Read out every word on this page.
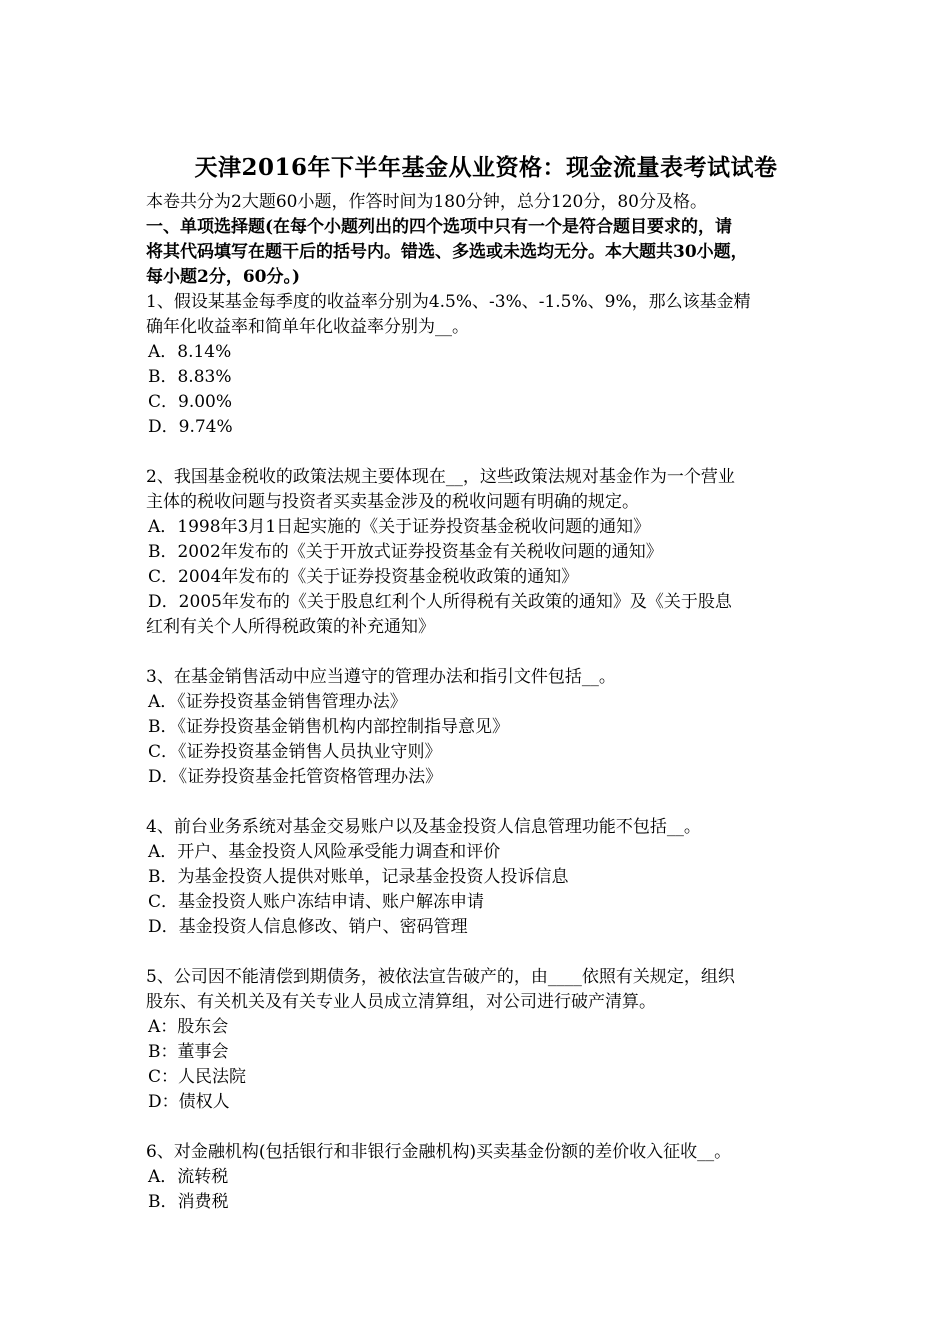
天津2016年下半年基金从业资格：现金流量表考试试卷
本卷共分为2大题60小题，作答时间为180分钟，总分120分，80分及格。
一、单项选择题(在每个小题列出的四个选项中只有一个是符合题目要求的，请
将其代码填写在题干后的括号内。错选、多选或未选均无分。本大题共30小题，
每小题2分，60分。)
1、假设某基金每季度的收益率分别为4.5%、-3%、-1.5%、9%，那么该基金精
确年化收益率和简单年化收益率分别为__。
A．8.14%
B．8.83%
C．9.00%
D．9.74%
2、我国基金税收的政策法规主要体现在__，这些政策法规对基金作为一个营业
主体的税收问题与投资者买卖基金涉及的税收问题有明确的规定。
A．1998年3月1日起实施的《关于证券投资基金税收问题的通知》
B．2002年发布的《关于开放式证券投资基金有关税收问题的通知》
C．2004年发布的《关于证券投资基金税收政策的通知》
D．2005年发布的《关于股息红利个人所得税有关政策的通知》及《关于股息
红利有关个人所得税政策的补充通知》
3、在基金销售活动中应当遵守的管理办法和指引文件包括__。
A．《证券投资基金销售管理办法》
B．《证券投资基金销售机构内部控制指导意见》
C．《证券投资基金销售人员执业守则》
D．《证券投资基金托管资格管理办法》
4、前台业务系统对基金交易账户以及基金投资人信息管理功能不包括__。
A．开户、基金投资人风险承受能力调查和评价
B．为基金投资人提供对账单，记录基金投资人投诉信息
C．基金投资人账户冻结申请、账户解冻申请
D．基金投资人信息修改、销户、密码管理
5、公司因不能清偿到期债务，被依法宣告破产的，由____依照有关规定，组织
股东、有关机关及有关专业人员成立清算组，对公司进行破产清算。
A：股东会
B：董事会
C：人民法院
D：债权人
6、对金融机构(包括银行和非银行金融机构)买卖基金份额的差价收入征收__。
A．流转税
B．消费税
